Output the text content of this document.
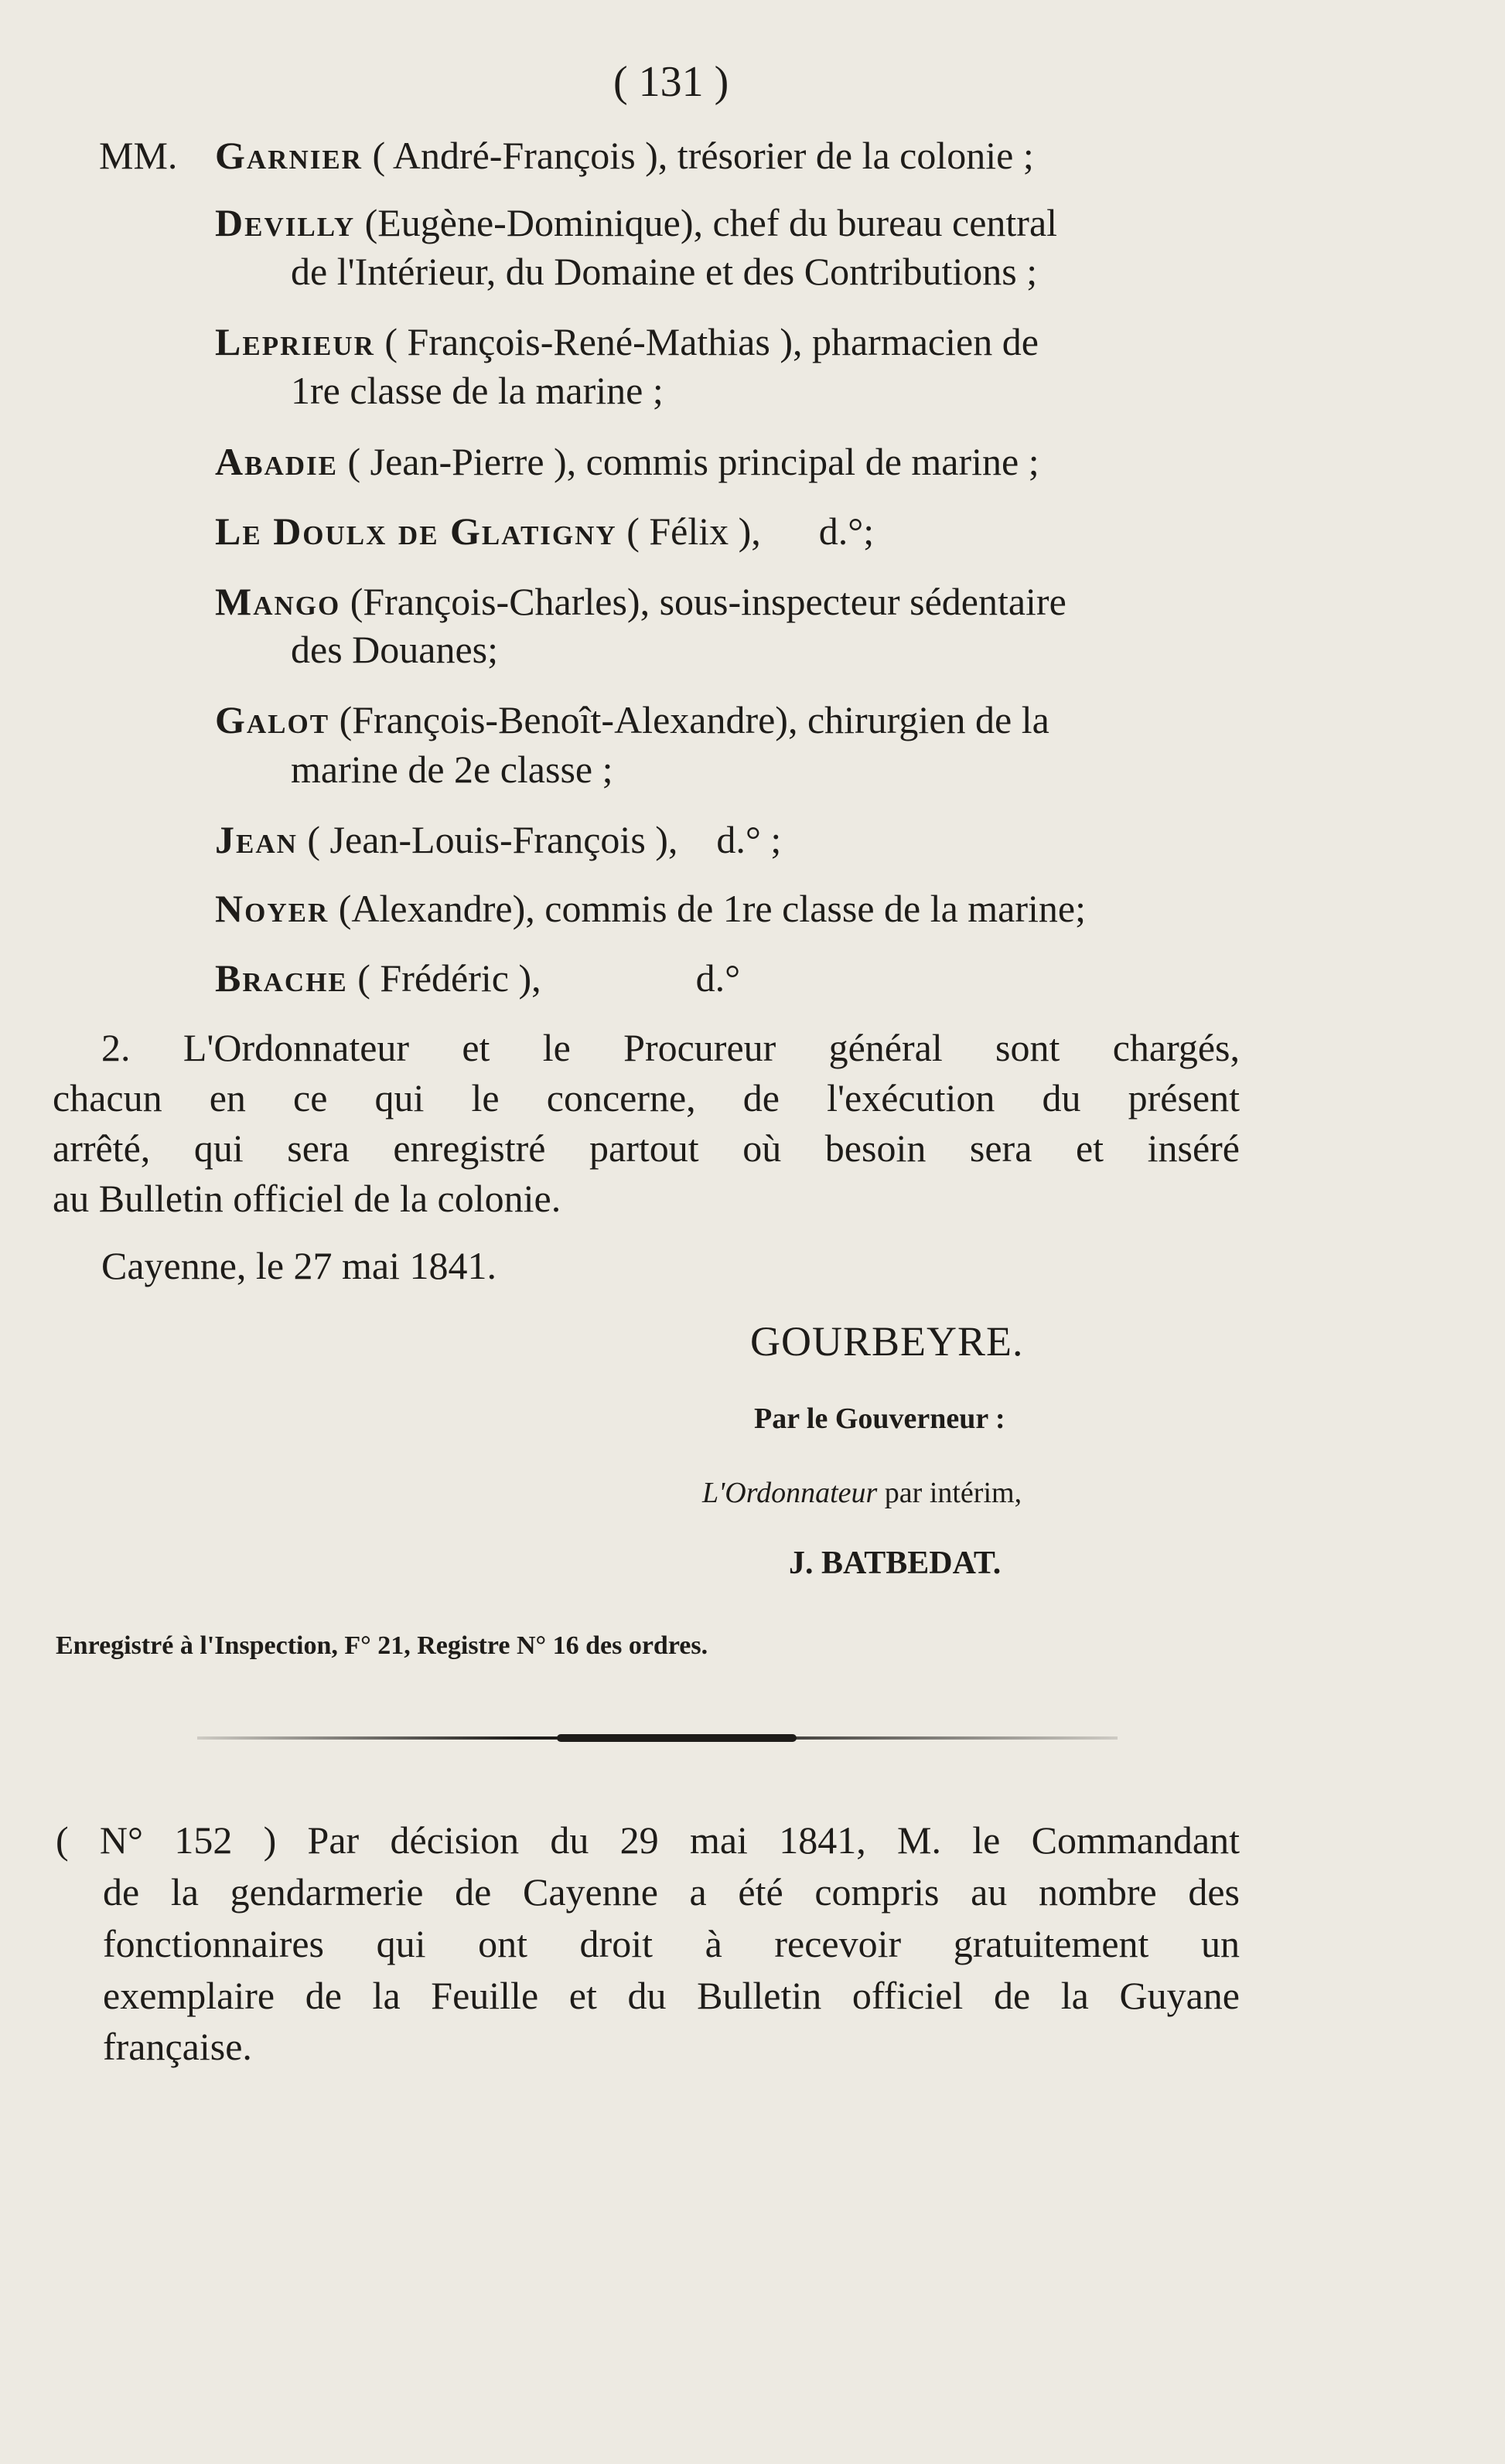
( 131 )
MM. Garnier ( André-François ), trésorier de la colonie ;
Devilly (Eugène-Dominique), chef du bureau central
de l'Intérieur, du Domaine et des Contributions ;
Leprieur ( François-René-Mathias ), pharmacien de
1re classe de la marine ;
Abadie ( Jean-Pierre ), commis principal de marine ;
Le Doulx de Glatigny ( Félix ),      d.°;
Mango (François-Charles), sous-inspecteur sédentaire
des Douanes;
Galot (François-Benoît-Alexandre), chirurgien de la
marine de 2e classe ;
Jean ( Jean-Louis-François ),    d.° ;
Noyer (Alexandre), commis de 1re classe de la marine;
Brache ( Frédéric ),                d.°
2. L'Ordonnateur et le Procureur général sont chargés,
chacun en ce qui le concerne, de l'exécution du présent
arrêté, qui sera enregistré partout où besoin sera et inséré
au Bulletin officiel de la colonie.
Cayenne, le 27 mai 1841.
GOURBEYRE.
Par le Gouverneur :
L'Ordonnateur par intérim,
J. BATBEDAT.
Enregistré à l'Inspection, F° 21, Registre N° 16 des ordres.
( N° 152 ) Par décision du 29 mai 1841, M. le Commandant
de la gendarmerie de Cayenne a été compris au nombre des
fonctionnaires qui ont droit à recevoir gratuitement un
exemplaire de la Feuille et du Bulletin officiel de la Guyane
française.
